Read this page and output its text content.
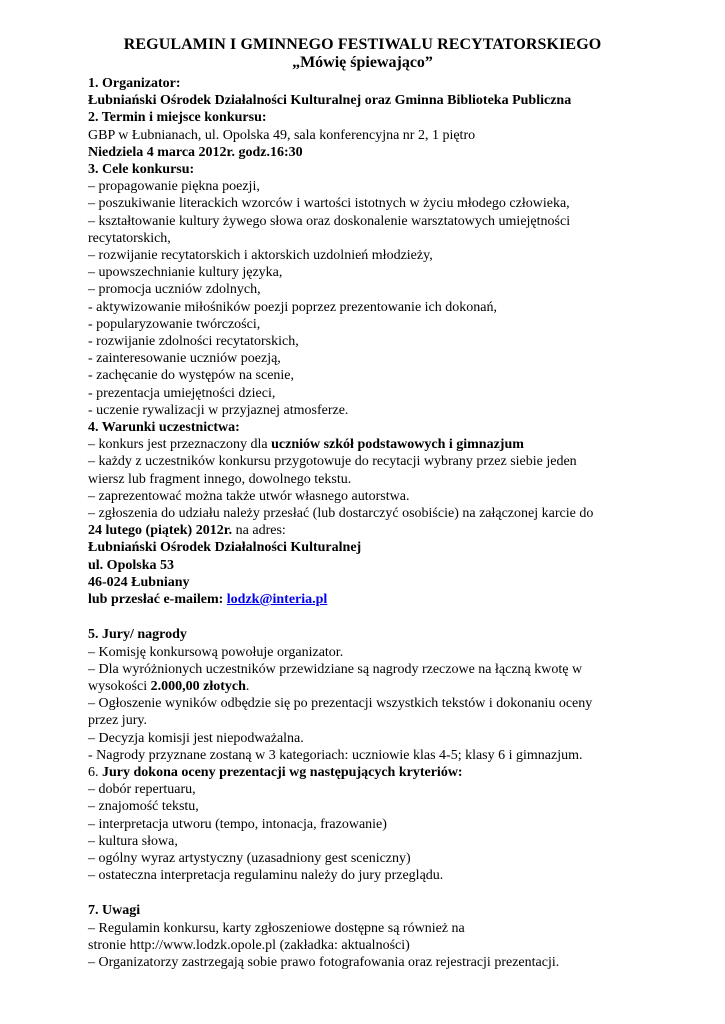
REGULAMIN I GMINNEGO FESTIWALU RECYTATORSKIEGO
„Mówię śpiewająco”
1. Organizator:
Łubniański Ośrodek Działalności Kulturalnej oraz Gminna Biblioteka Publiczna
2. Termin i miejsce konkursu:
GBP w Łubnianach, ul. Opolska 49, sala konferencyjna nr 2, 1 piętro
Niedziela 4 marca 2012r. godz.16:30
3. Cele konkursu:
– propagowanie piękna poezji,
– poszukiwanie literackich wzorców i wartości istotnych w życiu młodego człowieka,
– kształtowanie kultury żywego słowa oraz doskonalenie warsztatowych umiejętności
recytatorskich,
– rozwijanie recytatorskich i aktorskich uzdolnień młodzieży,
– upowszechnianie kultury języka,
– promocja uczniów zdolnych,
- aktywizowanie miłośników poezji poprzez prezentowanie ich dokonań,
- popularyzowanie twórczości,
- rozwijanie zdolności recytatorskich,
- zainteresowanie uczniów poezją,
- zachęcanie do występów na scenie,
- prezentacja umiejętności dzieci,
- uczenie rywalizacji w przyjaznej atmosferze.
4. Warunki uczestnictwa:
– konkurs jest przeznaczony dla uczniów szkół podstawowych i gimnazjum
– każdy z uczestników konkursu przygotowuje do recytacji wybrany przez siebie jeden
wiersz lub fragment innego, dowolnego tekstu.
– zaprezentować można także utwór własnego autorstwa.
– zgłoszenia do udziału należy przesłać (lub dostarczyć osobiście) na załączonej karcie do
24 lutego (piątek) 2012r. na adres:
Łubniański Ośrodek Działalności Kulturalnej
ul. Opolska 53
46-024 Łubniany
lub przesłać e-mailem: lodzk@interia.pl
5. Jury/ nagrody
– Komisję konkursową powołuje organizator.
– Dla wyróżnionych uczestników przewidziane są nagrody rzeczowe na łączną kwotę w
wysokości 2.000,00 złotych.
– Ogłoszenie wyników odbędzie się po prezentacji wszystkich tekstów i dokonaniu oceny
przez jury.
– Decyzja komisji jest niepodważalna.
- Nagrody przyznane zostaną w 3 kategoriach: uczniowie klas 4-5; klasy 6 i gimnazjum.
6. Jury dokona oceny prezentacji wg następujących kryteriów:
– dobór repertuaru,
– znajomość tekstu,
– interpretacja utworu (tempo, intonacja, frazowanie)
– kultura słowa,
– ogólny wyraz artystyczny (uzasadniony gest sceniczny)
– ostateczna interpretacja regulaminu należy do jury przeglądu.
7. Uwagi
– Regulamin konkursu, karty zgłoszeniowe dostępne są również na
stronie http://www.lodzk.opole.pl (zakładka: aktualności)
– Organizatorzy zastrzegają sobie prawo fotografowania oraz rejestracji prezentacji.
